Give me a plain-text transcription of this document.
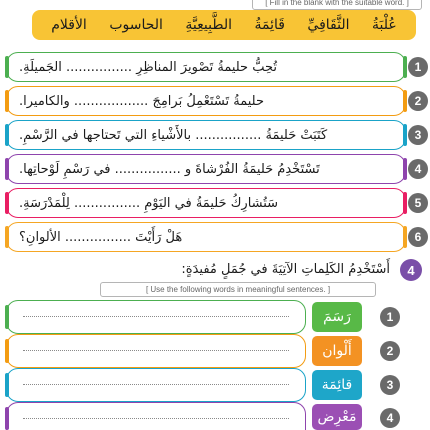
[ Fill in the blank with the suitable word. ]
عُلْبَةُ
الثَّقَافِيِّ
قَائِمَةُ
الطَّبِيعِيَّةِ
الحاسوب
الأقلام
تُحِبُّ حليمةُ تَصْويرَ المناظِرِ ................ الجَميلَةِ.	1
حليمةُ تَسْتَعْمِلُ بَرامِجَ .................. والكاميرا.	2
كَتَبَتْ حَليمَةُ ................ بالأَشْياءِ التي تَحتاجها في الرَّسْمِ.	3
تَسْتَخْدِمُ حَليمَةُ الفُرْشاةَ و ................ في رَسْمِ لَوْحاتِها.	4
سَتُشارِكُ حَليمَةُ في اليَوْمِ ................ لِلْمَدْرَسَةِ.	5
هَلْ رَأَيْتَ ................ الألوانِ؟	6
4
أَسْتَخْدِمُ الكَلِماتِ الآتِيَةَ في جُمَلٍ مُفيدَةٍ:
[ Use the following words in meaningful sentences. ]
رَسَمَ	1
أَلْوان	2
قائِمَة	3
مَعْرِض	4
